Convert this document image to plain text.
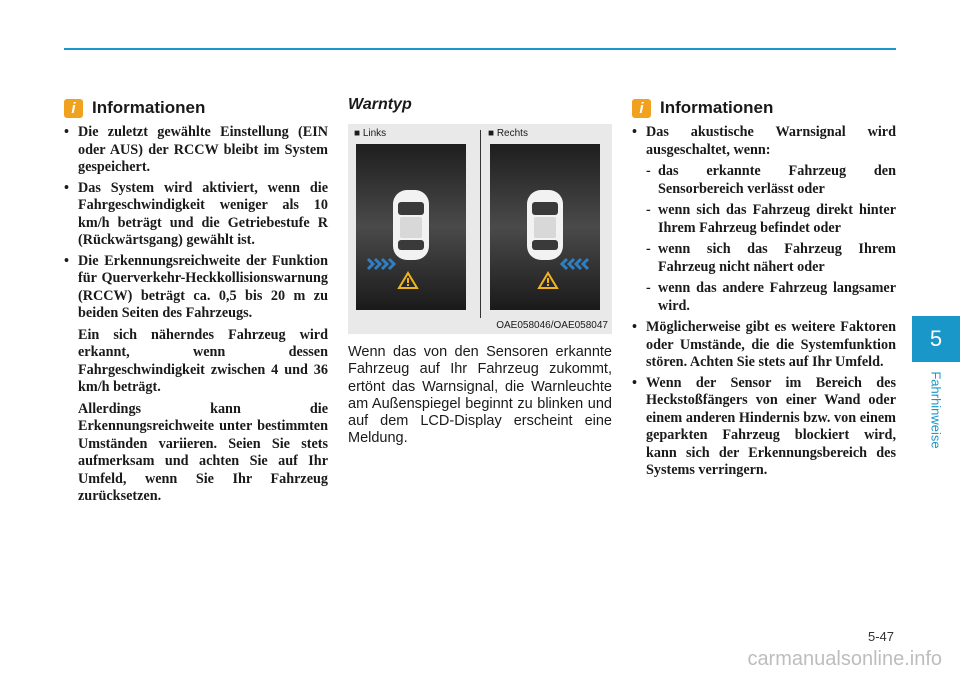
i Informationen
• Die zuletzt gewählte Einstellung (EIN oder AUS) der RCCW bleibt im System gespeichert.
• Das System wird aktiviert, wenn die Fahrgeschwindigkeit weniger als 10 km/h beträgt und die Getriebestufe R (Rückwärtsgang) gewählt ist.
• Die Erkennungsreichweite der Funktion für Querverkehr-Heckkollisionswarnung (RCCW) beträgt ca. 0,5 bis 20 m zu beiden Seiten des Fahrzeugs.

Ein sich näherndes Fahrzeug wird erkannt, wenn dessen Fahrgeschwindigkeit zwischen 4 und 36 km/h beträgt.

Allerdings kann die Erkennungsreichweite unter bestimmten Umständen variieren. Seien Sie stets aufmerksam und achten Sie auf Ihr Umfeld, wenn Sie Ihr Fahrzeug zurücksetzen.

Warntyp
■ Links	■ Rechts
OAE058046/OAE058047
Wenn das von den Sensoren erkannte Fahrzeug auf Ihr Fahrzeug zukommt, ertönt das Warnsignal, die Warnleuchte am Außenspiegel beginnt zu blinken und auf dem LCD-Display erscheint eine Meldung.
i Informationen
• Das akustische Warnsignal wird ausgeschaltet, wenn:
- das erkannte Fahrzeug den Sensorbereich verlässt oder
- wenn sich das Fahrzeug direkt hinter Ihrem Fahrzeug befindet oder
- wenn sich das Fahrzeug Ihrem Fahrzeug nicht nähert oder
- wenn das andere Fahrzeug langsamer wird.
• Möglicherweise gibt es weitere Faktoren oder Umstände, die die Systemfunktion stören. Achten Sie stets auf Ihr Umfeld.
• Wenn der Sensor im Bereich des Heckstoßfängers von einer Wand oder einem anderen Hindernis bzw. von einem geparkten Fahrzeug blockiert wird, kann sich der Erkennungsbereich des Systems verringern.
5
Fahrhinweise
5-47
carmanualsonline.info
